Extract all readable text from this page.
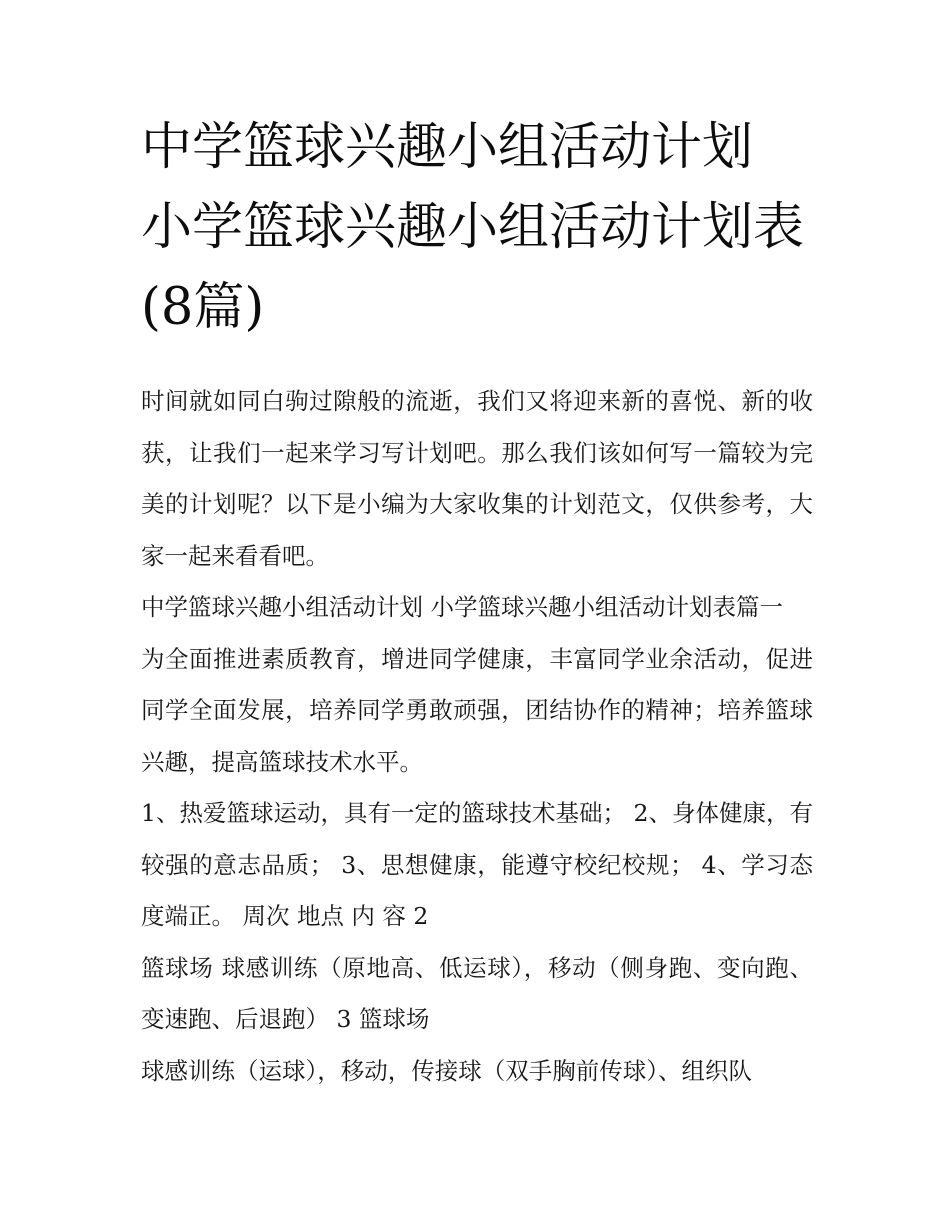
中学篮球兴趣小组活动计划 小学篮球兴趣小组活动计划表(8篇)

时间就如同白驹过隙般的流逝，我们又将迎来新的喜悦、新的收获，让我们一起来学习写计划吧。那么我们该如何写一篇较为完美的计划呢？以下是小编为大家收集的计划范文，仅供参考，大家一起来看看吧。

中学篮球兴趣小组活动计划 小学篮球兴趣小组活动计划表篇一

为全面推进素质教育，增进同学健康，丰富同学业余活动，促进同学全面发展，培养同学勇敢顽强，团结协作的精神；培养篮球兴趣，提高篮球技术水平。

1、热爱篮球运动，具有一定的篮球技术基础； 2、身体健康，有较强的意志品质； 3、思想健康，能遵守校纪校规； 4、学习态度端正。 周次 地点 内 容 2

篮球场 球感训练（原地高、低运球），移动（侧身跑、变向跑、变速跑、后退跑） 3 篮球场

球感训练（运球），移动，传接球（双手胸前传球）、组织队
